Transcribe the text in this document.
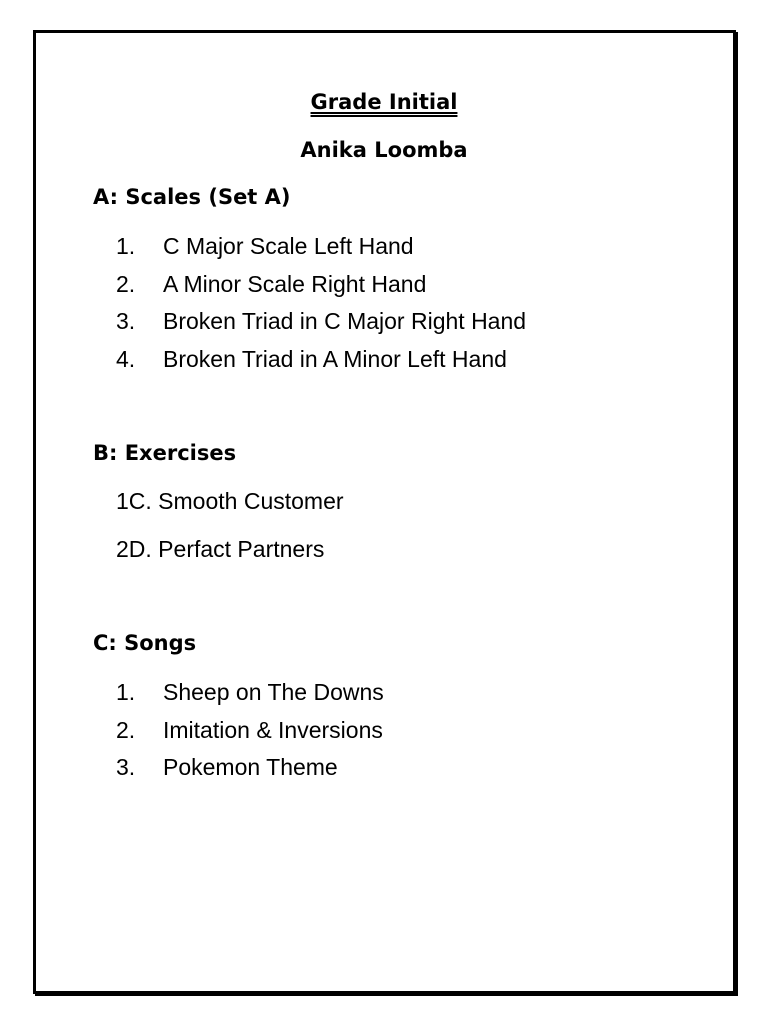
Grade Initial
Anika Loomba
A: Scales (Set A)
1. C Major Scale Left Hand
2. A Minor Scale Right Hand
3. Broken Triad in C Major Right Hand
4. Broken Triad in A Minor Left Hand
B: Exercises

1C. Smooth Customer

2D. Perfact Partners

C: Songs
1. Sheep on The Downs
2. Imitation & Inversions
3. Pokemon Theme
